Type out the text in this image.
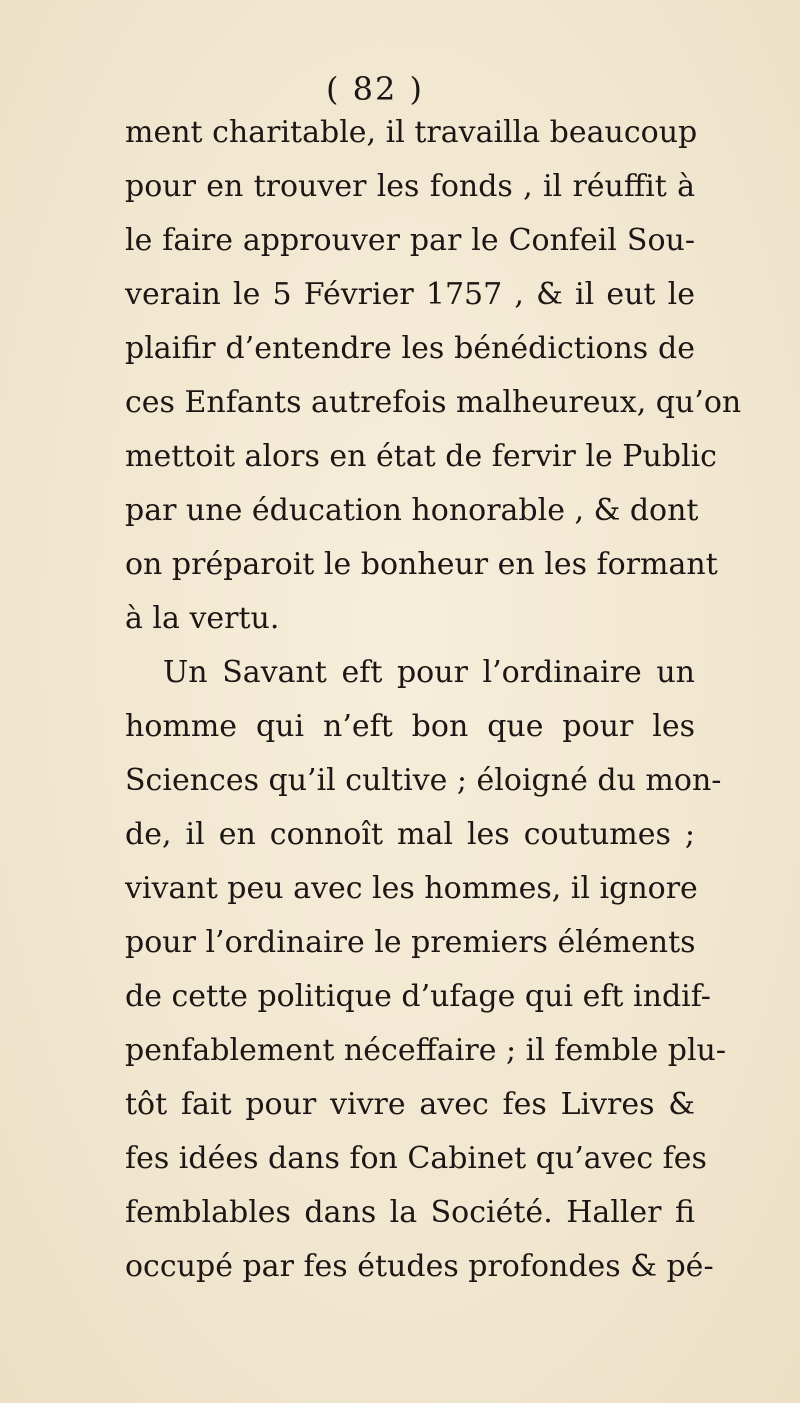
( 82 )
ment charitable, il travailla beaucoup
pour en trouver les fonds , il réuffit à
le faire approuver par le Confeil Sou-
verain le 5 Février 1757 , & il eut le
plaifir d’entendre les bénédictions de
ces Enfants autrefois malheureux, qu’on
mettoit alors en état de fervir le Public
par une éducation honorable , & dont
on préparoit le bonheur en les formant
à la vertu.
Un Savant eft pour l’ordinaire un
homme qui n’eft bon que pour les
Sciences qu’il cultive ; éloigné du mon-
de, il en connoît mal les coutumes ;
vivant peu avec les hommes, il ignore
pour l’ordinaire le premiers éléments
de cette politique d’ufage qui eft indif-
penfablement néceffaire ; il femble plu-
tôt fait pour vivre avec fes Livres &
fes idées dans fon Cabinet qu’avec fes
femblables dans la Société. Haller fi
occupé par fes études profondes & pé-
